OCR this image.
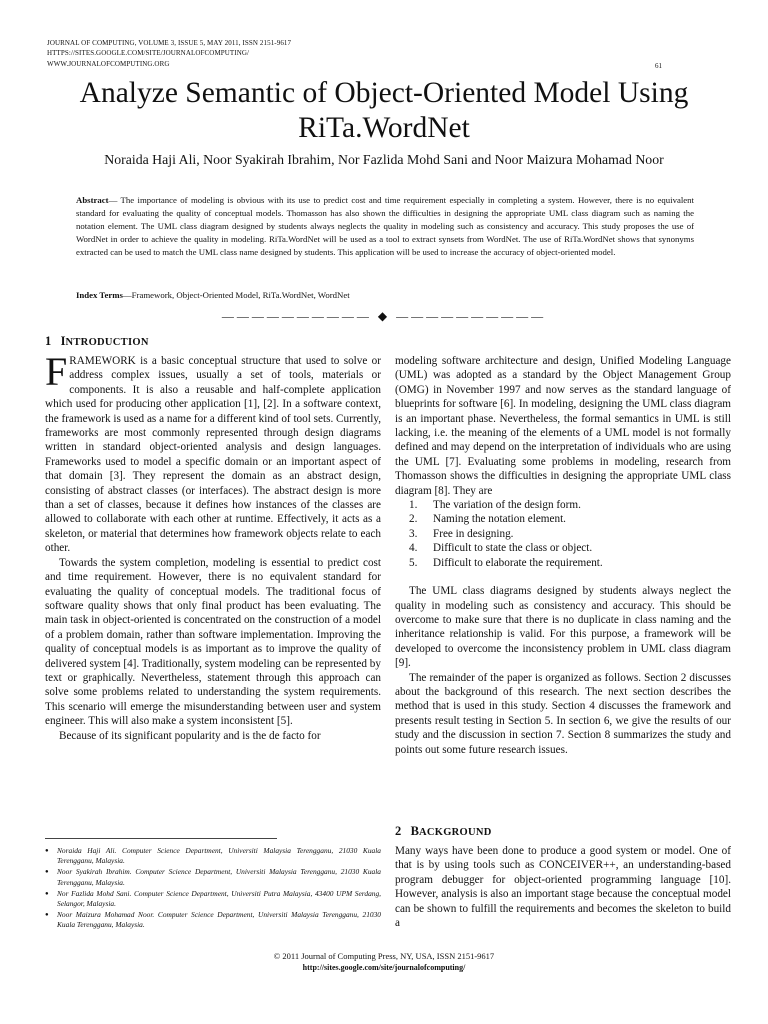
JOURNAL OF COMPUTING, VOLUME 3, ISSUE 5, MAY 2011, ISSN 2151-9617
HTTPS://SITES.GOOGLE.COM/SITE/JOURNALOFCOMPUTING/
WWW.JOURNALOFCOMPUTING.ORG	61
Analyze Semantic of Object-Oriented Model Using
RiTa.WordNet
Noraida Haji Ali, Noor Syakirah Ibrahim, Nor Fazlida Mohd Sani and Noor Maizura Mohamad Noor
Abstract— The importance of modeling is obvious with its use to predict cost and time requirement especially in completing a system. However, there is no equivalent standard for evaluating the quality of conceptual models. Thomasson has also shown the difficulties in designing the appropriate UML class diagram such as naming the notation element. The UML class diagram designed by students always neglects the quality in modeling such as consistency and accuracy. This study proposes the use of WordNet in order to achieve the quality in modeling. RiTa.WordNet will be used as a tool to extract synsets from WordNet. The use of RiTa.WordNet shows that synonyms extracted can be used to match the UML class name designed by students. This application will be used to increase the accuracy of object-oriented model.
Index Terms—Framework, Object-Oriented Model, RiTa.WordNet, WordNet
—————————— ◆ ——————————
1 INTRODUCTION

FRAMEWORK is a basic conceptual structure that used to solve or address complex issues, usually a set of tools, materials or components. It is also a reusable and half-complete application which used for producing other application [1], [2]. In a software context, the framework is used as a name for a different kind of tool sets. Currently, frameworks are most commonly represented through design diagrams written in standard object-oriented analysis and design languages. Frameworks used to model a specific domain or an important aspect of that domain [3]. They represent the domain as an abstract design, consisting of abstract classes (or interfaces). The abstract design is more than a set of classes, because it defines how instances of the classes are allowed to collaborate with each other at runtime. Effectively, it acts as a skeleton, or material that determines how framework objects relate to each other.

Towards the system completion, modeling is essential to predict cost and time requirement. However, there is no equivalent standard for evaluating the quality of conceptual models. The traditional focus of software quality shows that only final product has been evaluating. The main task in object-oriented is concentrated on the construction of a model of a problem domain, rather than software implementation. Improving the quality of conceptual models is as important as to improve the quality of delivered system [4]. Traditionally, system modeling can be represented by text or graphically. Nevertheless, statement through this approach can solve some problems related to understanding the system requirements. This scenario will emerge the misunderstanding between user and system engineer. This will also make a system inconsistent [5].

Because of its significant popularity and is the de facto for

modeling software architecture and design, Unified Modeling Language (UML) was adopted as a standard by the Object Management Group (OMG) in November 1997 and now serves as the standard language of blueprints for software [6]. In modeling, designing the UML class diagram is an important phase. Nevertheless, the formal semantics in UML is still lacking, i.e. the meaning of the elements of a UML model is not formally defined and may depend on the interpretation of individuals who are using the UML [7]. Evaluating some problems in modeling, research from Thomasson shows the difficulties in designing the appropriate UML class diagram [8]. They are

1. The variation of the design form.
2. Naming the notation element.
3. Free in designing.
4. Difficult to state the class or object.
5. Difficult to elaborate the requirement.

The UML class diagrams designed by students always neglect the quality in modeling such as consistency and accuracy. This should be overcome to make sure that there is no duplicate in class naming and the inheritance relationship is valid. For this purpose, a framework will be developed to overcome the inconsistency problem in UML class diagram [9].

The remainder of the paper is organized as follows. Section 2 discusses about the background of this research. The next section describes the method that is used in this study. Section 4 discusses the framework and presents result testing in Section 5. In section 6, we give the results of our study and the discussion in section 7. Section 8 summarizes the study and points out some future research issues.

2 BACKGROUND

Many ways have been done to produce a good system or model. One of that is by using tools such as CONCEIVER++, an understanding-based program debugger for object-oriented programming language [10]. However, analysis is also an important stage because the conceptual model can be shown to fulfill the requirements and becomes the skeleton to build a

● Noraida Haji Ali. Computer Science Department, Universiti Malaysia Terengganu, 21030 Kuala Terengganu, Malaysia.
● Noor Syakirah Ibrahim. Computer Science Department, Universiti Malaysia Terengganu, 21030 Kuala Terengganu, Malaysia.
● Nor Fazlida Mohd Sani. Computer Science Department, Universiti Putra Malaysia, 43400 UPM Serdang, Selangor, Malaysia.
● Noor Maizura Mohamad Noor. Computer Science Department, Universiti Malaysia Terengganu, 21030 Kuala Terengganu, Malaysia.
© 2011 Journal of Computing Press, NY, USA, ISSN 2151-9617
http://sites.google.com/site/journalofcomputing/
